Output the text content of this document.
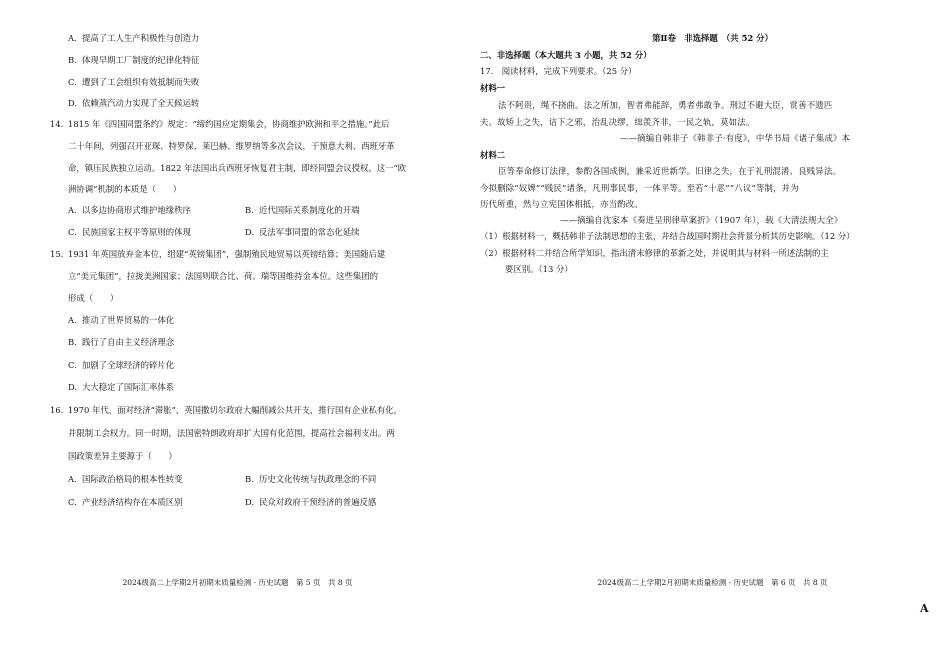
A. 提高了工人生产积极性与创造力
B. 体现早期工厂制度的纪律化特征
C. 遭到了工会组织有效抵制而失败
D. 依赖蒸汽动力实现了全天候运转
14. 1815 年《四国同盟条约》规定：“缔约国应定期集会，协商维护欧洲和平之措施。”此后
二十年间，列强召开亚琛、特罗保、莱巴赫、维罗纳等多次会议，干预意大利、西班牙革
命，镇压民族独立运动。1822 年法国出兵西班牙恢复君主制，即经同盟会议授权。这一“欧
洲协调”机制的本质是（　　）
A. 以多边协商形式维护地缘秩序	B. 近代国际关系制度化的开端
C. 民族国家主权平等原则的体现	D. 反法军事同盟的常态化延续
15. 1931 年英国放弃金本位，组建“英镑集团”，强制殖民地贸易以英镑结算；美国随后建
立“美元集团”，拉拢美洲国家；法国则联合比、荷、瑞等国维持金本位。这些集团的
形成（　　）
A. 推动了世界贸易的一体化
B. 践行了自由主义经济理念
C. 加剧了全球经济的碎片化
D. 大大稳定了国际汇率体系
16. 1970 年代，面对经济“滞胀”，英国撒切尔政府大幅削减公共开支，推行国有企业私有化，
并限制工会权力。同一时期，法国密特朗政府却扩大国有化范围，提高社会福利支出。两
国政策差异主要源于（　　）
A. 国际政治格局的根本性转变	B. 历史文化传统与执政理念的不同
C. 产业经济结构存在本质区别	D. 民众对政府干预经济的普遍反感
2024级高二上学期2月初期末质量检测 · 历史试题　第 5 页　共 8 页
第Ⅱ卷　非选择题　（共 52 分）
二、非选择题（本大题共 3 小题，共 52 分）
17.　阅读材料，完成下列要求。（25 分）
材料一
法不阿贵，绳不挠曲。法之所加，智者弗能辞，勇者弗敢争。刑过不避大臣，赏善不遗匹
夫。故矫上之失，诘下之邪，治乱决缪，绌羡齐非，一民之轨，莫如法。
——摘编自韩非子《韩非子·有度》，中华书局《诸子集成》本
材料二
臣等奉命修订法律，参酌各国成例，兼采近世新学。旧律之失，在于礼刑混淆、良贱异法。
今拟删除“奴婢”“贱民”诸条，凡刑事民事，一体平等。至若“十恶”“八议”等制，并为
历代所重，然与立宪国体相抵，亦当酌改。
——摘编自沈家本《奏进呈刑律草案折》（1907 年），载《大清法规大全》
（1）根据材料一，概括韩非子法制思想的主张，并结合战国时期社会背景分析其历史影响。（12 分）
（2）根据材料二并结合所学知识，指出清末修律的革新之处，并说明其与材料一所述法制的主
要区别。（13 分）
2024级高二上学期2月初期末质量检测 · 历史试题　第 6 页　共 8 页
A
